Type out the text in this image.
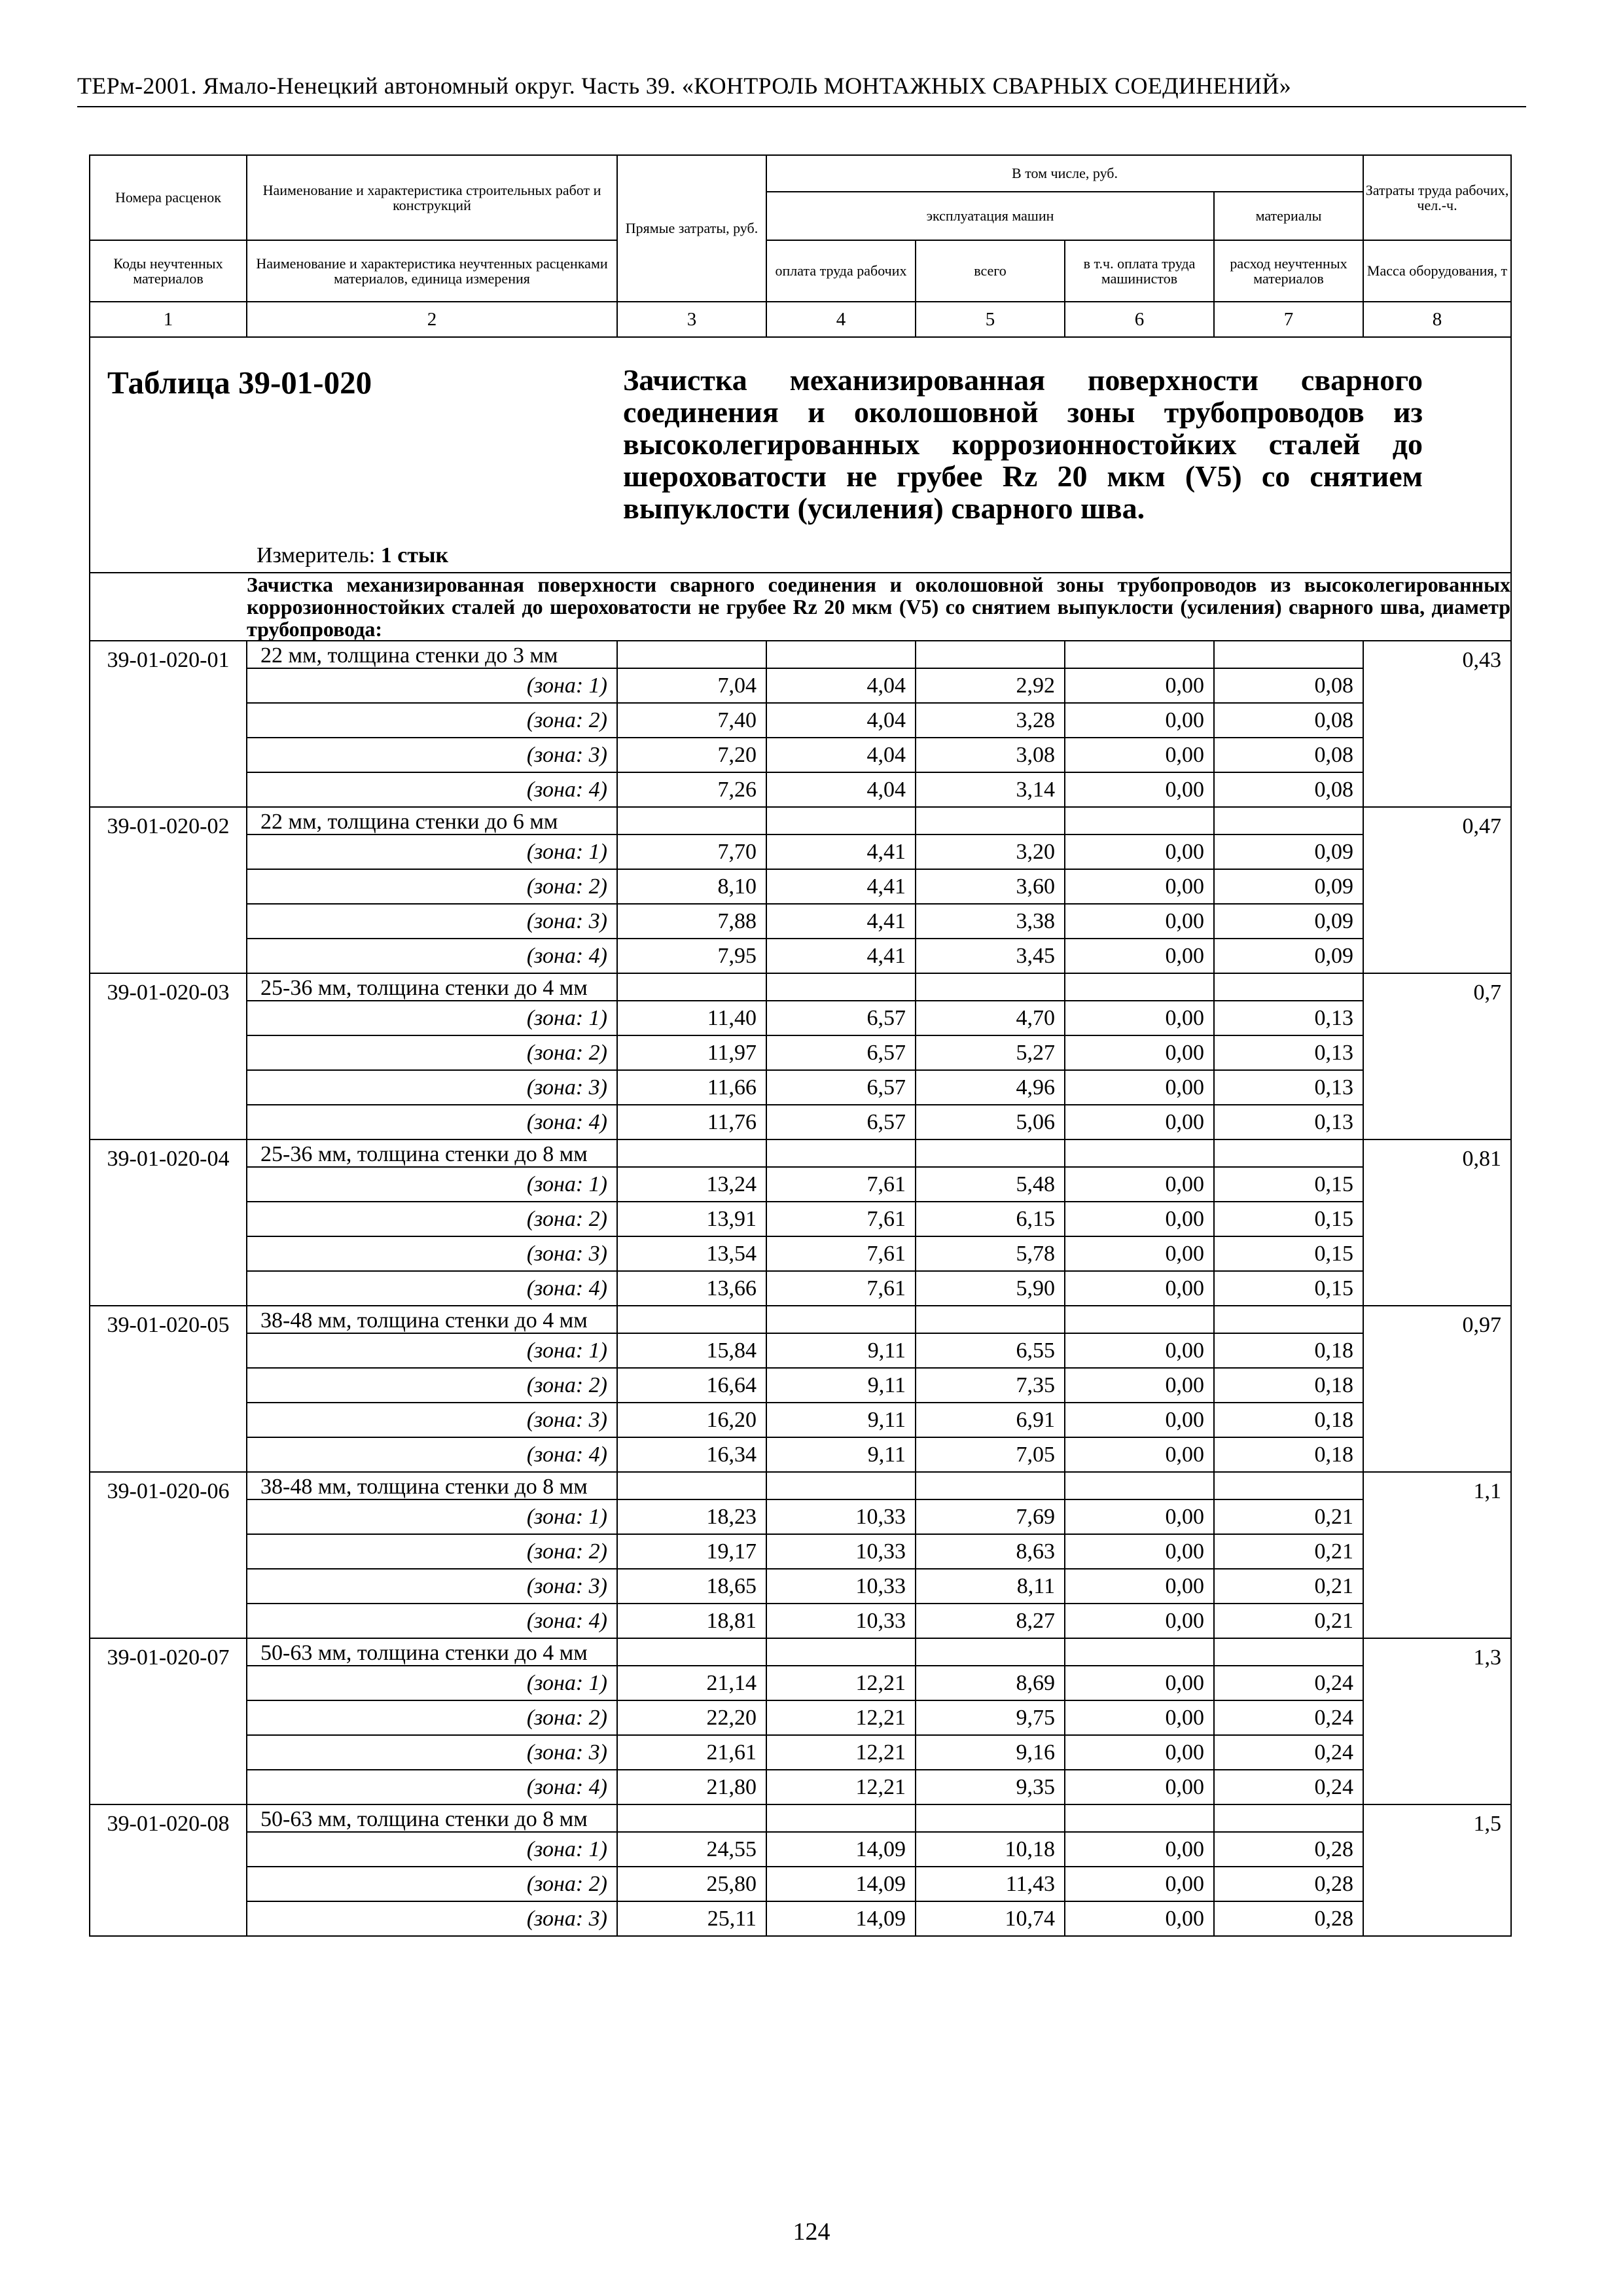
ТЕРм-2001. Ямало-Ненецкий автономный округ. Часть 39. «КОНТРОЛЬ МОНТАЖНЫХ СВАРНЫХ СОЕДИНЕНИЙ»
Номера расценок	Наименование и характеристика строительных работ и конструкций	Прямые затраты, руб.	В том числе, руб.				Затраты труда рабочих, чел.-ч.
			эксплуатация машин			материалы	
Коды неучтенных материалов	Наименование и характеристика неучтенных расценками материалов, единица измерения		оплата труда рабочих	всего	в т.ч. оплата труда машинистов	расход неучтенных материалов	Масса оборудования, т
1	2	3	4	5	6	7	8

Таблица 39-01-020 Зачистка механизированная поверхности сварного соединения и околошовной зоны трубопроводов из высоколегированных коррозионностойких сталей до шероховатости не грубее Rz 20 мкм (V5) со снятием выпуклости (усиления) сварного шва.
Измеритель: 1 стык							

	Зачистка механизированная поверхности сварного соединения и околошовной зоны трубопроводов из высоколегированных коррозионностойких сталей до шероховатости не грубее Rz 20 мкм (V5) со снятием выпуклости (усиления) сварного шва, диаметр трубопровода:						
39-01-020-01	22 мм, толщина стенки до 3 мм						0,43
	(зона: 1)	7,04	4,04	2,92	0,00	0,08	
	(зона: 2)	7,40	4,04	3,28	0,00	0,08	
	(зона: 3)	7,20	4,04	3,08	0,00	0,08	
	(зона: 4)	7,26	4,04	3,14	0,00	0,08	
39-01-020-02	22 мм, толщина стенки до 6 мм						0,47
	(зона: 1)	7,70	4,41	3,20	0,00	0,09	
	(зона: 2)	8,10	4,41	3,60	0,00	0,09	
	(зона: 3)	7,88	4,41	3,38	0,00	0,09	
	(зона: 4)	7,95	4,41	3,45	0,00	0,09	
39-01-020-03	25-36 мм, толщина стенки до 4 мм						0,7
	(зона: 1)	11,40	6,57	4,70	0,00	0,13	
	(зона: 2)	11,97	6,57	5,27	0,00	0,13	
	(зона: 3)	11,66	6,57	4,96	0,00	0,13	
	(зона: 4)	11,76	6,57	5,06	0,00	0,13	
39-01-020-04	25-36 мм, толщина стенки до 8 мм						0,81
	(зона: 1)	13,24	7,61	5,48	0,00	0,15	
	(зона: 2)	13,91	7,61	6,15	0,00	0,15	
	(зона: 3)	13,54	7,61	5,78	0,00	0,15	
	(зона: 4)	13,66	7,61	5,90	0,00	0,15	
39-01-020-05	38-48 мм, толщина стенки до 4 мм						0,97
	(зона: 1)	15,84	9,11	6,55	0,00	0,18	
	(зона: 2)	16,64	9,11	7,35	0,00	0,18	
	(зона: 3)	16,20	9,11	6,91	0,00	0,18	
	(зона: 4)	16,34	9,11	7,05	0,00	0,18	
39-01-020-06	38-48 мм, толщина стенки до 8 мм						1,1
	(зона: 1)	18,23	10,33	7,69	0,00	0,21	
	(зона: 2)	19,17	10,33	8,63	0,00	0,21	
	(зона: 3)	18,65	10,33	8,11	0,00	0,21	
	(зона: 4)	18,81	10,33	8,27	0,00	0,21	
39-01-020-07	50-63 мм, толщина стенки до 4 мм						1,3
	(зона: 1)	21,14	12,21	8,69	0,00	0,24	
	(зона: 2)	22,20	12,21	9,75	0,00	0,24	
	(зона: 3)	21,61	12,21	9,16	0,00	0,24	
	(зона: 4)	21,80	12,21	9,35	0,00	0,24	
39-01-020-08	50-63 мм, толщина стенки до 8 мм						1,5
	(зона: 1)	24,55	14,09	10,18	0,00	0,28	
	(зона: 2)	25,80	14,09	11,43	0,00	0,28	
	(зона: 3)	25,11	14,09	10,74	0,00	0,28	
124
